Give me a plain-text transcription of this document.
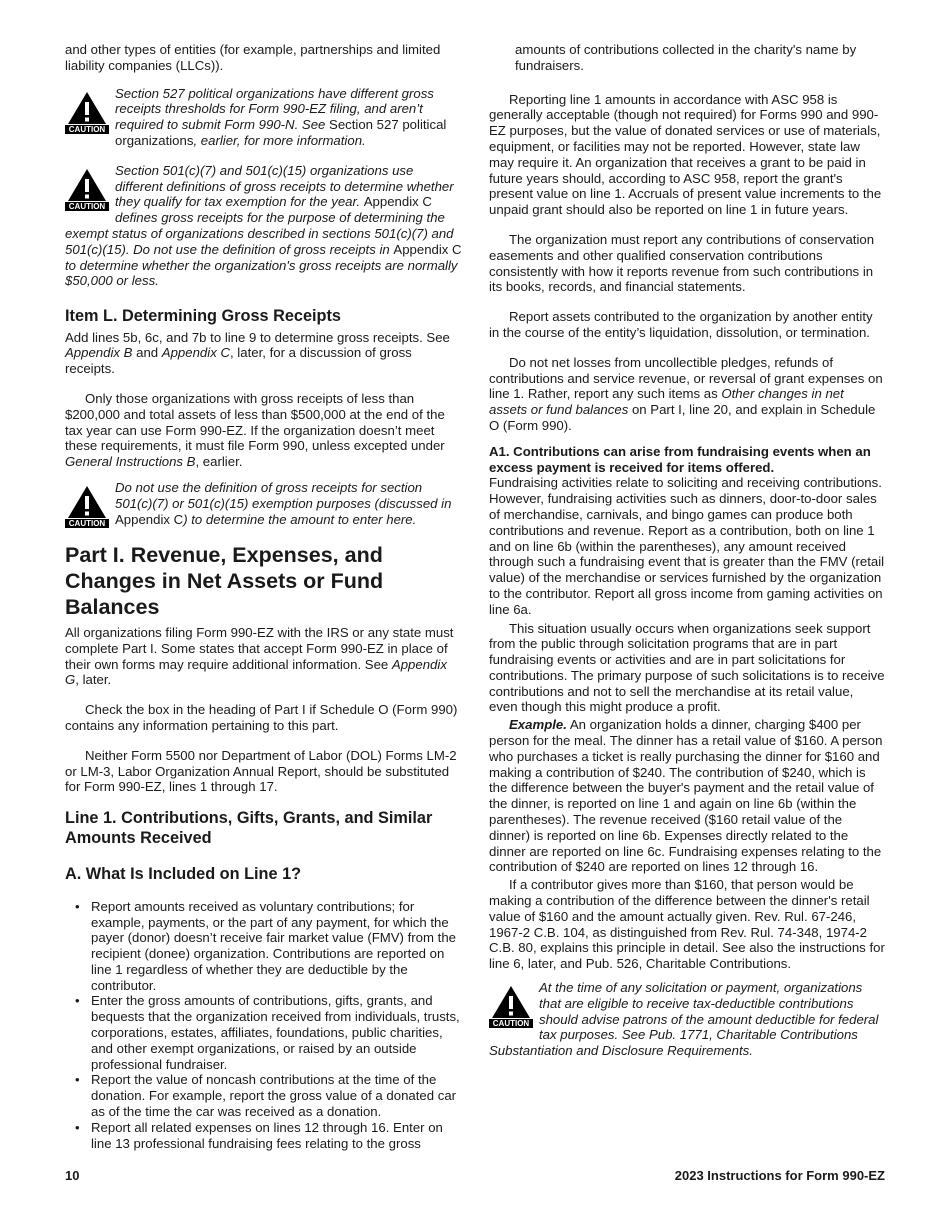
and other types of entities (for example, partnerships and limited liability companies (LLCs)).

CAUTION

Section 527 political organizations have different gross receipts thresholds for Form 990-EZ filing, and aren’t required to submit Form 990-N. See Section 527 political organizations, earlier, for more information.

CAUTION

Section 501(c)(7) and 501(c)(15) organizations use different definitions of gross receipts to determine whether they qualify for tax exemption for the year. Appendix C defines gross receipts for the purpose of determining the exempt status of organizations described in sections 501(c)(7) and 501(c)(15). Do not use the definition of gross receipts in Appendix C to determine whether the organization's gross receipts are normally $50,000 or less.

Item L. Determining Gross Receipts

Add lines 5b, 6c, and 7b to line 9 to determine gross receipts. See Appendix B and Appendix C, later, for a discussion of gross receipts.

Only those organizations with gross receipts of less than $200,000 and total assets of less than $500,000 at the end of the tax year can use Form 990-EZ. If the organization doesn’t meet these requirements, it must file Form 990, unless excepted under General Instructions B, earlier.

CAUTION

Do not use the definition of gross receipts for section 501(c)(7) or 501(c)(15) exemption purposes (discussed in Appendix C) to determine the amount to enter here.

Part I. Revenue, Expenses, and Changes in Net Assets or Fund Balances

All organizations filing Form 990-EZ with the IRS or any state must complete Part I. Some states that accept Form 990-EZ in place of their own forms may require additional information. See Appendix G, later.

Check the box in the heading of Part I if Schedule O (Form 990) contains any information pertaining to this part.

Neither Form 5500 nor Department of Labor (DOL) Forms LM-2 or LM-3, Labor Organization Annual Report, should be substituted for Form 990-EZ, lines 1 through 17.

Line 1. Contributions, Gifts, Grants, and Similar Amounts Received
A. What Is Included on Line 1?
• Report amounts received as voluntary contributions; for example, payments, or the part of any payment, for which the payer (donor) doesn’t receive fair market value (FMV) from the recipient (donee) organization. Contributions are reported on line 1 regardless of whether they are deductible by the contributor.
• Enter the gross amounts of contributions, gifts, grants, and bequests that the organization received from individuals, trusts, corporations, estates, affiliates, foundations, public charities, and other exempt organizations, or raised by an outside professional fundraiser.
• Report the value of noncash contributions at the time of the donation. For example, report the gross value of a donated car as of the time the car was received as a donation.
• Report all related expenses on lines 12 through 16. Enter on line 13 professional fundraising fees relating to the gross

amounts of contributions collected in the charity's name by fundraisers.

Reporting line 1 amounts in accordance with ASC 958 is generally acceptable (though not required) for Forms 990 and 990-EZ purposes, but the value of donated services or use of materials, equipment, or facilities may not be reported. However, state law may require it. An organization that receives a grant to be paid in future years should, according to ASC 958, report the grant's present value on line 1. Accruals of present value increments to the unpaid grant should also be reported on line 1 in future years.

The organization must report any contributions of conservation easements and other qualified conservation contributions consistently with how it reports revenue from such contributions in its books, records, and financial statements.

Report assets contributed to the organization by another entity in the course of the entity’s liquidation, dissolution, or termination.

Do not net losses from uncollectible pledges, refunds of contributions and service revenue, or reversal of grant expenses on line 1. Rather, report any such items as Other changes in net assets or fund balances on Part I, line 20, and explain in Schedule O (Form 990).

A1. Contributions can arise from fundraising events when an excess payment is received for items offered.
Fundraising activities relate to soliciting and receiving contributions. However, fundraising activities such as dinners, door-to-door sales of merchandise, carnivals, and bingo games can produce both contributions and revenue. Report as a contribution, both on line 1 and on line 6b (within the parentheses), any amount received through such a fundraising event that is greater than the FMV (retail value) of the merchandise or services furnished by the organization to the contributor. Report all gross income from gaming activities on line 6a.

This situation usually occurs when organizations seek support from the public through solicitation programs that are in part fundraising events or activities and are in part solicitations for contributions. The primary purpose of such solicitations is to receive contributions and not to sell the merchandise at its retail value, even though this might produce a profit.

Example. An organization holds a dinner, charging $400 per person for the meal. The dinner has a retail value of $160. A person who purchases a ticket is really purchasing the dinner for $160 and making a contribution of $240. The contribution of $240, which is the difference between the buyer's payment and the retail value of the dinner, is reported on line 1 and again on line 6b (within the parentheses). The revenue received ($160 retail value of the dinner) is reported on line 6b. Expenses directly related to the dinner are reported on line 6c. Fundraising expenses relating to the contribution of $240 are reported on lines 12 through 16.

If a contributor gives more than $160, that person would be making a contribution of the difference between the dinner's retail value of $160 and the amount actually given. Rev. Rul. 67-246, 1967-2 C.B. 104, as distinguished from Rev. Rul. 74-348, 1974-2 C.B. 80, explains this principle in detail. See also the instructions for line 6, later, and Pub. 526, Charitable Contributions.

CAUTION

At the time of any solicitation or payment, organizations that are eligible to receive tax-deductible contributions should advise patrons of the amount deductible for federal tax purposes. See Pub. 1771, Charitable Contributions Substantiation and Disclosure Requirements.

10	2023 Instructions for Form 990-EZ
